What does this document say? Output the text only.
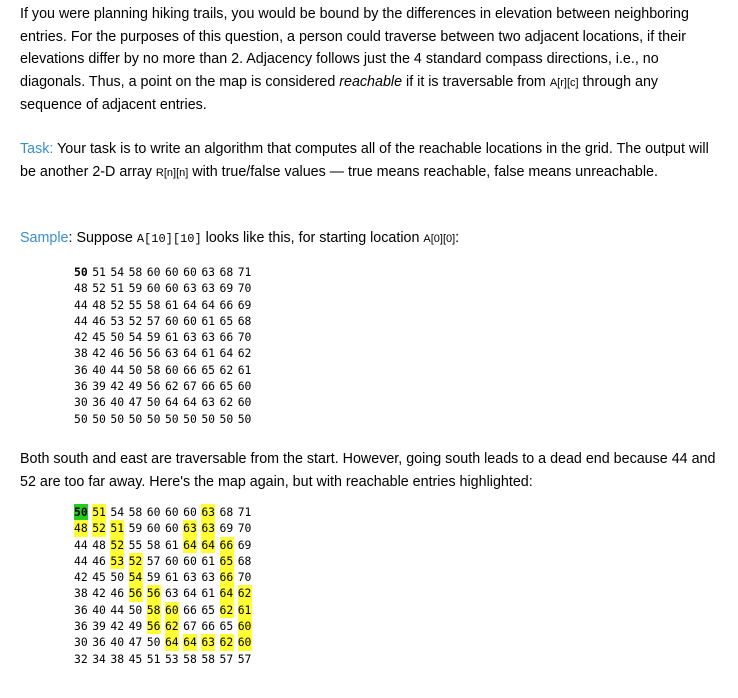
If you were planning hiking trails, you would be bound by the differences in elevation between neighboring entries. For the purposes of this question, a person could traverse between two adjacent locations, if their elevations differ by no more than 2. Adjacency follows just the 4 standard compass directions, i.e., no diagonals. Thus, a point on the map is considered reachable if it is traversable from A[r][c] through any sequence of adjacent entries.

Task: Your task is to write an algorithm that computes all of the reachable locations in the grid. The output will be another 2-D array R[n][n] with true/false values — true means reachable, false means unreachable.

Sample: Suppose A[10][10] looks like this, for starting location A[0][0]:

50 51 54 58 60 60 60 63 68 71
48 52 51 59 60 60 63 63 69 70
44 48 52 55 58 61 64 64 66 69
44 46 53 52 57 60 60 61 65 68
42 45 50 54 59 61 63 63 66 70
38 42 46 56 56 63 64 61 64 62
36 40 44 50 58 60 66 65 62 61
36 39 42 49 56 62 67 66 65 60
30 36 40 47 50 64 64 63 62 60
50 50 50 50 50 50 50 50 50 50

Both south and east are traversable from the start. However, going south leads to a dead end because 44 and 52 are too far away. Here's the map again, but with reachable entries highlighted:

50 51 54 58 60 60 60 63 68 71
48 52 51 59 60 60 63 63 69 70
44 48 52 55 58 61 64 64 66 69
44 46 53 52 57 60 60 61 65 68
42 45 50 54 59 61 63 63 66 70
38 42 46 56 56 63 64 61 64 62
36 40 44 50 58 60 66 65 62 61
36 39 42 49 56 62 67 66 65 60
30 36 40 47 50 64 64 63 62 60
32 34 38 45 51 53 58 58 57 57
